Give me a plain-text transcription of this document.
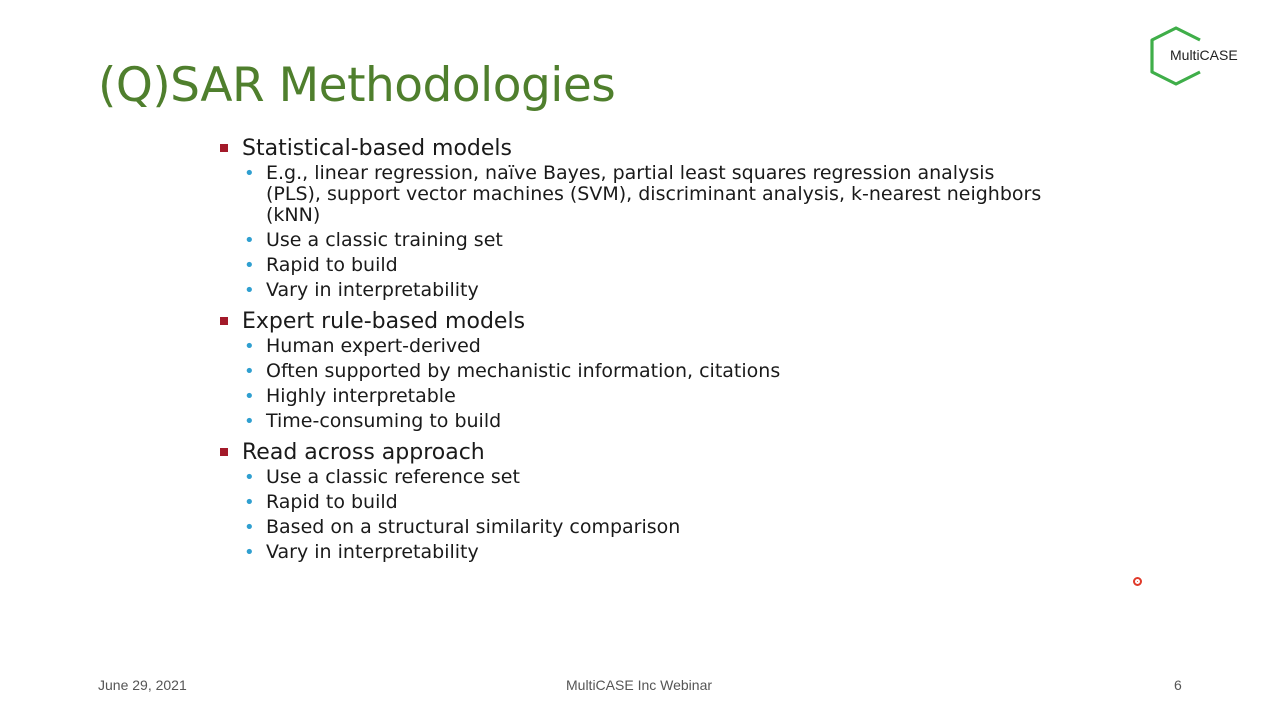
(Q)SAR Methodologies
MultiCASE
Statistical-based models
• E.g., linear regression, naïve Bayes, partial least squares regression analysis (PLS), support vector machines (SVM), discriminant analysis, k-nearest neighbors (kNN)
• Use a classic training set
• Rapid to build
• Vary in interpretability
Expert rule-based models
• Human expert-derived
• Often supported by mechanistic information, citations
• Highly interpretable
• Time-consuming to build
Read across approach
• Use a classic reference set
• Rapid to build
• Based on a structural similarity comparison
• Vary in interpretability
June 29, 2021	MultiCASE Inc Webinar	6
